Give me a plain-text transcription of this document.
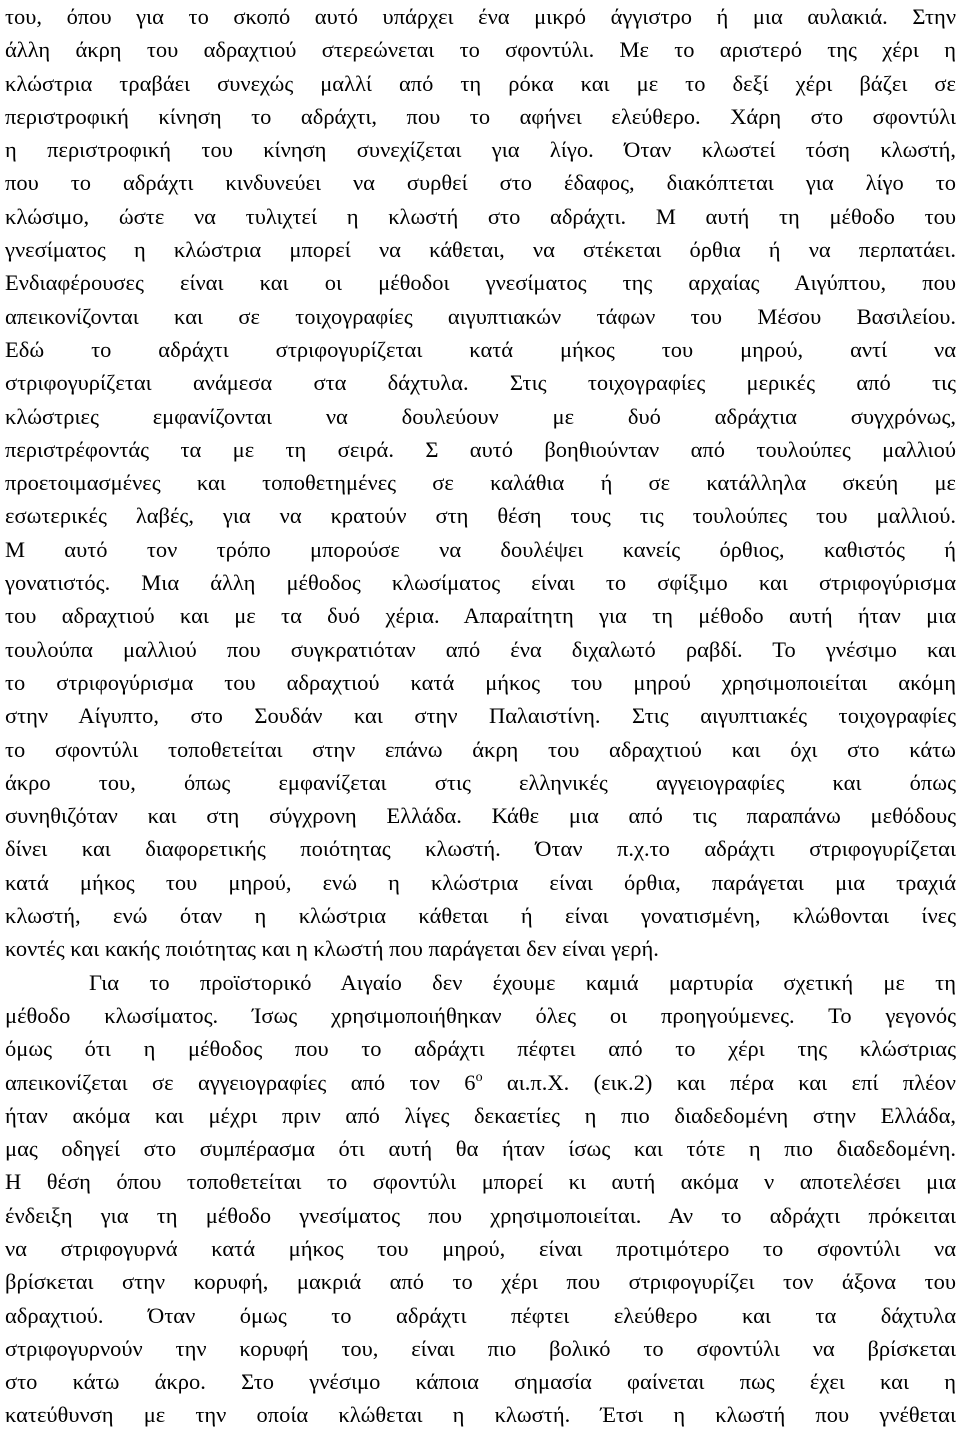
του, όπου για το σκοπό αυτό υπάρχει ένα μικρό άγγιστρο ή μια αυλακιά. Στην
άλλη άκρη του αδραχτιού στερεώνεται το σφοντύλι. Με το αριστερό της χέρι η
κλώστρια τραβάει συνεχώς μαλλί από τη ρόκα και με το δεξί χέρι βάζει σε
περιστροφική κίνηση το αδράχτι, που το αφήνει ελεύθερο. Χάρη στο σφοντύλι
η περιστροφική του κίνηση συνεχίζεται για λίγο. Όταν κλωστεί τόση κλωστή,
που το αδράχτι κινδυνεύει να συρθεί στο έδαφος, διακόπτεται για λίγο το
κλώσιμο, ώστε να τυλιχτεί η κλωστή στο αδράχτι. Μ αυτή τη μέθοδο του
γνεσίματος η κλώστρια μπορεί να κάθεται, να στέκεται όρθια ή να περπατάει.
Ενδιαφέρουσες είναι και οι μέθοδοι γνεσίματος της αρχαίας Αιγύπτου, που
απεικονίζονται και σε τοιχογραφίες αιγυπτιακών τάφων του Μέσου Βασιλείου.
Εδώ το αδράχτι στριφογυρίζεται κατά μήκος του μηρού, αντί να
στριφογυρίζεται ανάμεσα στα δάχτυλα. Στις τοιχογραφίες μερικές από τις
κλώστριες εμφανίζονται να δουλεύουν με δυό αδράχτια συγχρόνως,
περιστρέφοντάς τα με τη σειρά. Σ αυτό βοηθιούνταν από τουλούπες μαλλιού
προετοιμασμένες και τοποθετημένες σε καλάθια ή σε κατάλληλα σκεύη με
εσωτερικές λαβές, για να κρατούν στη θέση τους τις τουλούπες του μαλλιού.
Μ αυτό τον τρόπο μπορούσε να δουλέψει κανείς όρθιος, καθιστός ή
γονατιστός. Μια άλλη μέθοδος κλωσίματος είναι το σφίξιμο και στριφογύρισμα
του αδραχτιού και με τα δυό χέρια. Απαραίτητη για τη μέθοδο αυτή ήταν μια
τουλούπα μαλλιού που συγκρατιόταν από ένα διχαλωτό ραβδί. Το γνέσιμο και
το στριφογύρισμα του αδραχτιού κατά μήκος του μηρού χρησιμοποιείται ακόμη
στην Αίγυπτο, στο Σουδάν και στην Παλαιστίνη. Στις αιγυπτιακές τοιχογραφίες
το σφοντύλι τοποθετείται στην επάνω άκρη του αδραχτιού και όχι στο κάτω
άκρο του, όπως εμφανίζεται στις ελληνικές αγγειογραφίες και όπως
συνηθιζόταν και στη σύγχρονη Ελλάδα. Κάθε μια από τις παραπάνω μεθόδους
δίνει και διαφορετικής ποιότητας κλωστή. Όταν π.χ.το αδράχτι στριφογυρίζεται
κατά μήκος του μηρού, ενώ η κλώστρια είναι όρθια, παράγεται μια τραχιά
κλωστή, ενώ όταν η κλώστρια κάθεται ή είναι γονατισμένη, κλώθονται ίνες
κοντές και κακής ποιότητας και η κλωστή που παράγεται δεν είναι γερή.
Για το προϊστορικό Αιγαίο δεν έχουμε καμιά μαρτυρία σχετική με τη
μέθοδο κλωσίματος. Ίσως χρησιμοποιήθηκαν όλες οι προηγούμενες. Το γεγονός
όμως ότι η μέθοδος που το αδράχτι πέφτει από το χέρι της κλώστριας
απεικονίζεται σε αγγειογραφίες από τον $6^o$ αι.π.Χ. (εικ.2) και πέρα και επί πλέον
ήταν ακόμα και μέχρι πριν από λίγες δεκαετίες η πιο διαδεδομένη στην Ελλάδα,
μας οδηγεί στο συμπέρασμα ότι αυτή θα ήταν ίσως και τότε η πιο διαδεδομένη.
Η θέση όπου τοποθετείται το σφοντύλι μπορεί κι αυτή ακόμα ν αποτελέσει μια
ένδειξη για τη μέθοδο γνεσίματος που χρησιμοποιείται. Αν το αδράχτι πρόκειται
να στριφογυρνά κατά μήκος του μηρού, είναι προτιμότερο το σφοντύλι να
βρίσκεται στην κορυφή, μακριά από το χέρι που στριφογυρίζει τον άξονα του
αδραχτιού. Όταν όμως το αδράχτι πέφτει ελεύθερο και τα δάχτυλα
στριφογυρνούν την κορυφή του, είναι πιο βολικό το σφοντύλι να βρίσκεται
στο κάτω άκρο. Στο γνέσιμο κάποια σημασία φαίνεται πως έχει και η
κατεύθυνση με την οποία κλώθεται η κλωστή. Έτσι η κλωστή που γνέθεται
